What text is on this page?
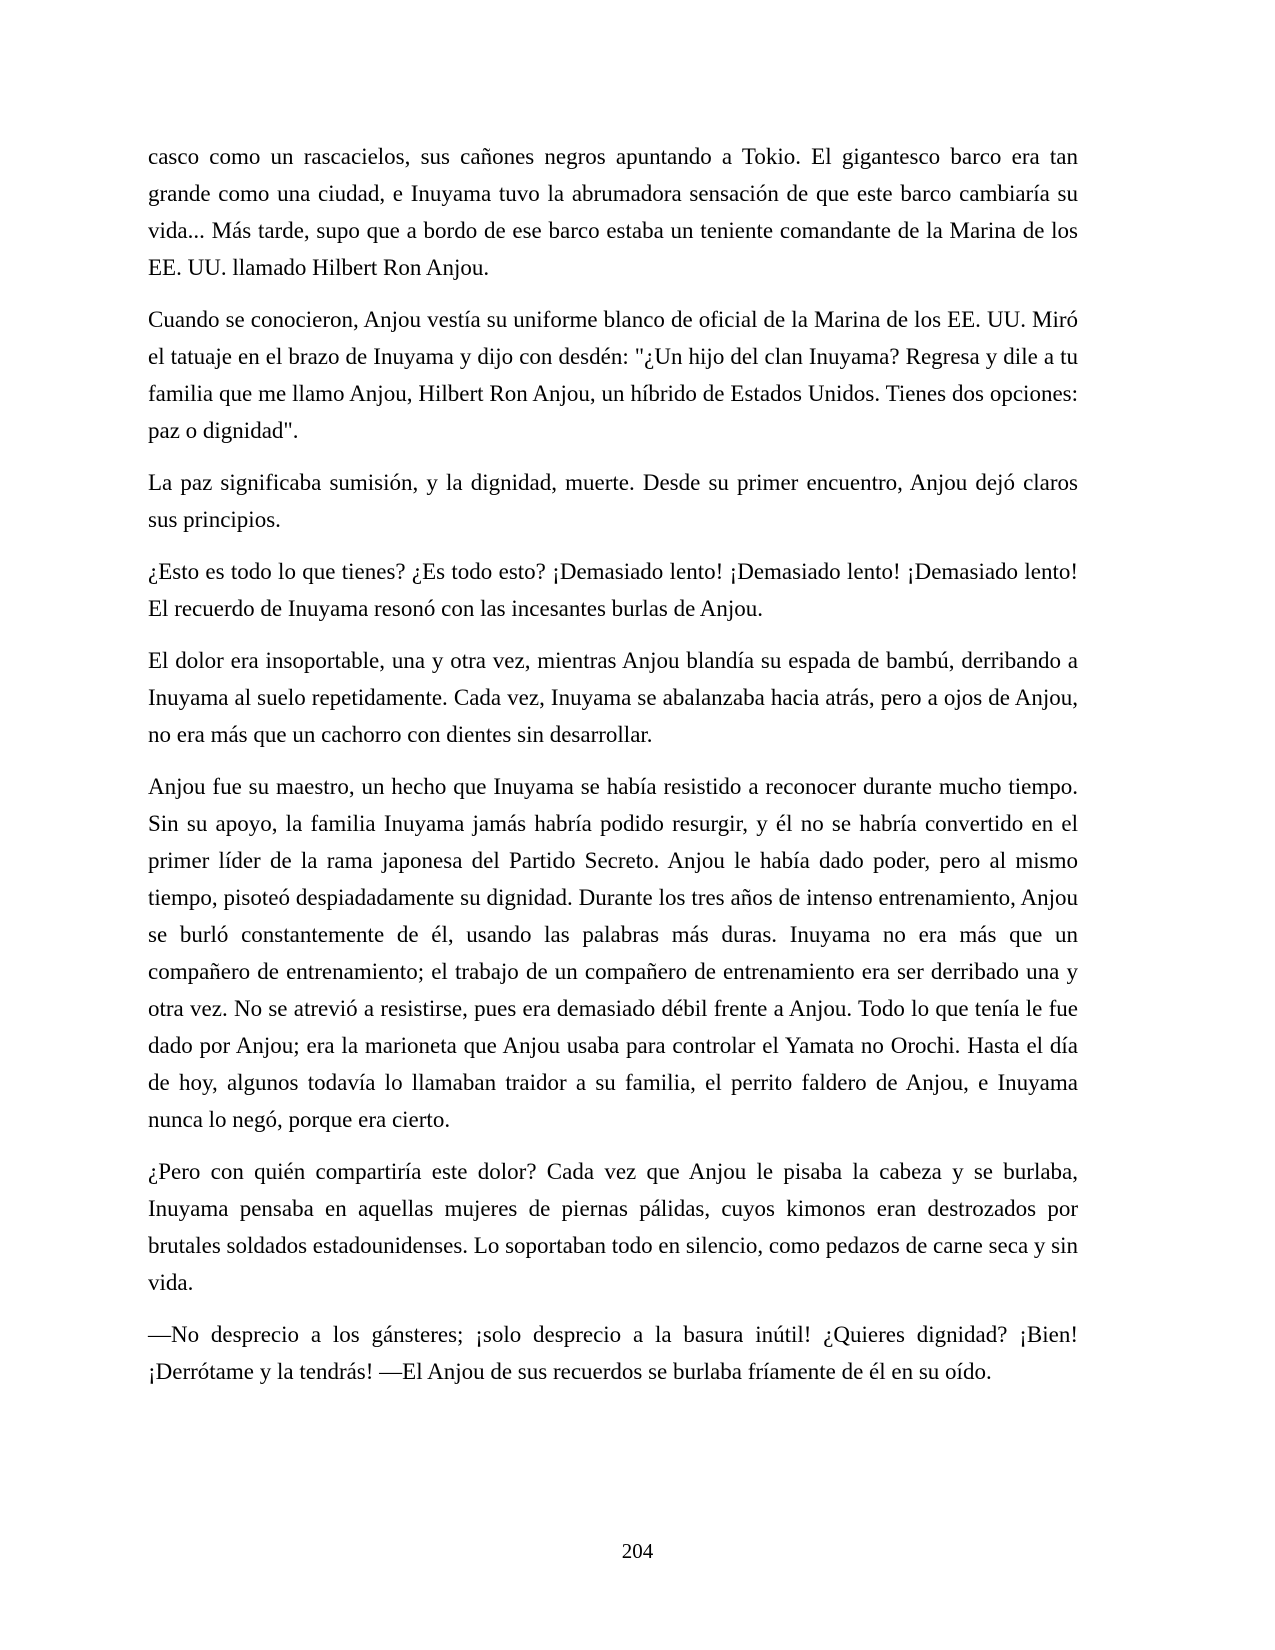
casco como un rascacielos, sus cañones negros apuntando a Tokio. El gigantesco barco era tan grande como una ciudad, e Inuyama tuvo la abrumadora sensación de que este barco cambiaría su vida... Más tarde, supo que a bordo de ese barco estaba un teniente comandante de la Marina de los EE. UU. llamado Hilbert Ron Anjou.

Cuando se conocieron, Anjou vestía su uniforme blanco de oficial de la Marina de los EE. UU. Miró el tatuaje en el brazo de Inuyama y dijo con desdén: "¿Un hijo del clan Inuyama? Regresa y dile a tu familia que me llamo Anjou, Hilbert Ron Anjou, un híbrido de Estados Unidos. Tienes dos opciones: paz o dignidad".

La paz significaba sumisión, y la dignidad, muerte. Desde su primer encuentro, Anjou dejó claros sus principios.

¿Esto es todo lo que tienes? ¿Es todo esto? ¡Demasiado lento! ¡Demasiado lento! ¡Demasiado lento! El recuerdo de Inuyama resonó con las incesantes burlas de Anjou.

El dolor era insoportable, una y otra vez, mientras Anjou blandía su espada de bambú, derribando a Inuyama al suelo repetidamente. Cada vez, Inuyama se abalanzaba hacia atrás, pero a ojos de Anjou, no era más que un cachorro con dientes sin desarrollar.

Anjou fue su maestro, un hecho que Inuyama se había resistido a reconocer durante mucho tiempo. Sin su apoyo, la familia Inuyama jamás habría podido resurgir, y él no se habría convertido en el primer líder de la rama japonesa del Partido Secreto. Anjou le había dado poder, pero al mismo tiempo, pisoteó despiadadamente su dignidad. Durante los tres años de intenso entrenamiento, Anjou se burló constantemente de él, usando las palabras más duras. Inuyama no era más que un compañero de entrenamiento; el trabajo de un compañero de entrenamiento era ser derribado una y otra vez. No se atrevió a resistirse, pues era demasiado débil frente a Anjou. Todo lo que tenía le fue dado por Anjou; era la marioneta que Anjou usaba para controlar el Yamata no Orochi. Hasta el día de hoy, algunos todavía lo llamaban traidor a su familia, el perrito faldero de Anjou, e Inuyama nunca lo negó, porque era cierto.

¿Pero con quién compartiría este dolor? Cada vez que Anjou le pisaba la cabeza y se burlaba, Inuyama pensaba en aquellas mujeres de piernas pálidas, cuyos kimonos eran destrozados por brutales soldados estadounidenses. Lo soportaban todo en silencio, como pedazos de carne seca y sin vida.

—No desprecio a los gánsteres; ¡solo desprecio a la basura inútil! ¿Quieres dignidad? ¡Bien! ¡Derrótame y la tendrás! —El Anjou de sus recuerdos se burlaba fríamente de él en su oído.

204
